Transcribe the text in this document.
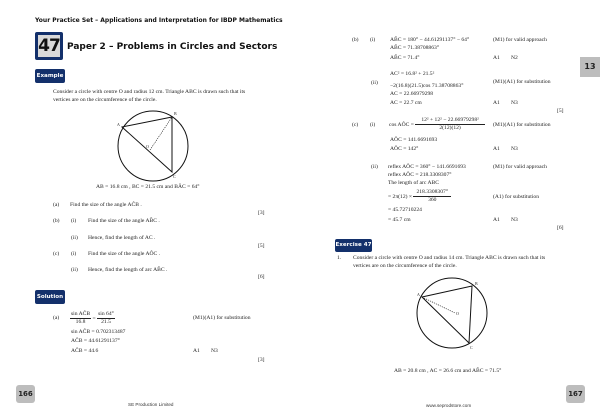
Your Practice Set – Applications and Interpretation for IBDP Mathematics
47 Paper 2 – Problems in Circles and Sectors
Example
Consider a circle with centre O and radius 12 cm. Triangle ABC is drawn such that its
vertices are on the circumference of the circle.
A
B
C
O
AB = 16.8 cm , BC = 21.5 cm and BÂC = 64°
(a) Find the size of the angle AĈB .
[3]
(b) (i) Find the size of the angle AB̂C .
(ii) Hence, find the length of AC .
[5]
(c) (i) Find the size of the angle AÔC .
(ii) Hence, find the length of arc AB̂C .
[6]
Solution
$(a) \frac{\text{sin AĈB}}{16.8} = \frac{\sin 64^\circ}{21.5}$	(M1)(A1) for substitution
sin AĈB = 0.702313487
AĈB = 44.61291137°
AĈB = 44.6	A1 N3
[3]
166
SE Production Limited
13
(b) (i)	AB̂C = 180° − 44.61291137° − 64°	(M1) for valid approach
AB̂C = 71.38708863°
AB̂C = 71.4°	A1 N2
AC² = 16.8² + 21.5²
(ii)	(M1)(A1) for substitution
−2(16.8)(21.5)cos 71.38708863°
AC = 22.66979298
AC = 22.7 cm	A1 N3
[5]
(c) (i) cos AÔC = $\frac{\text{12² + 12² − 22.66979298²}}{2(12)(12)} (M1)(A1)$ for substitution
AÔC = 141.6691693
AÔC = 142°	A1 N3
(ii) reflex AÔC = 360° − 141.6691693	(M1) for valid approach
reflex AÔC = 218.3308307°
The length of arc ABC
= $2\pi(12) \times \frac{218.3308307^\circ}{360}$	(A1) for substitution
= 45.72710224
= 45.7 cm	A1 N3
[6]
Exercise 47
1. Consider a circle with centre O and radius 14 cm. Triangle ABC is drawn such that its
vertices are on the circumference of the circle.
A
B
C
O
AB = 20.8 cm , AC = 26.6 cm and AB̂C = 71.5°
167
www.seprodstore.com
